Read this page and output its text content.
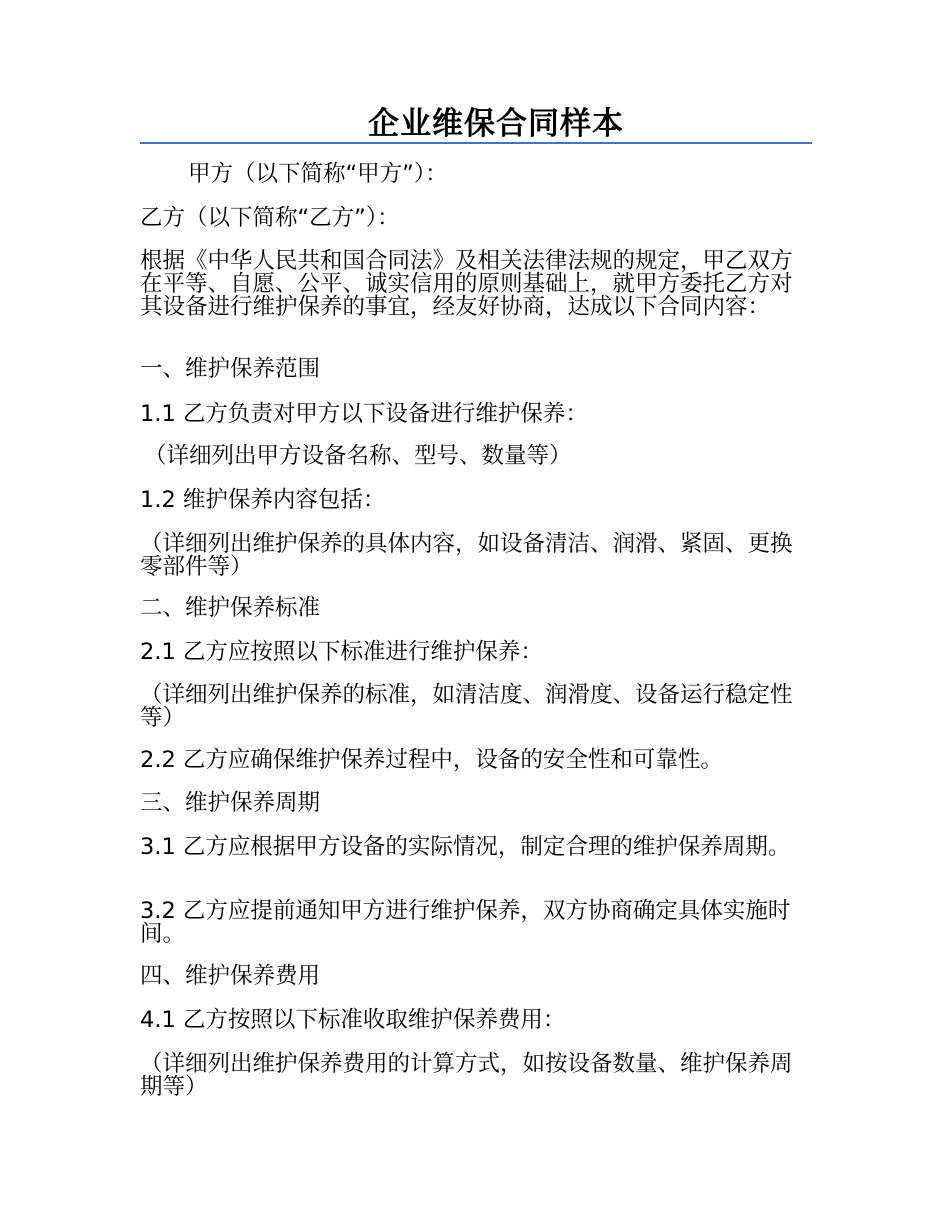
企业维保合同样本

甲方（以下简称“甲方”）：

乙方（以下简称“乙方”）：

根据《中华人民共和国合同法》及相关法律法规的规定，甲乙双方在平等、自愿、公平、诚实信用的原则基础上，就甲方委托乙方对其设备进行维护保养的事宜，经友好协商，达成以下合同内容：

一、维护保养范围

1.1 乙方负责对甲方以下设备进行维护保养：

（详细列出甲方设备名称、型号、数量等）

1.2 维护保养内容包括：

（详细列出维护保养的具体内容，如设备清洁、润滑、紧固、更换零部件等）

二、维护保养标准

2.1 乙方应按照以下标准进行维护保养：

（详细列出维护保养的标准，如清洁度、润滑度、设备运行稳定性等）

2.2 乙方应确保维护保养过程中，设备的安全性和可靠性。

三、维护保养周期

3.1 乙方应根据甲方设备的实际情况，制定合理的维护保养周期。

3.2 乙方应提前通知甲方进行维护保养，双方协商确定具体实施时间。

四、维护保养费用

4.1 乙方按照以下标准收取维护保养费用：

（详细列出维护保养费用的计算方式，如按设备数量、维护保养周期等）
